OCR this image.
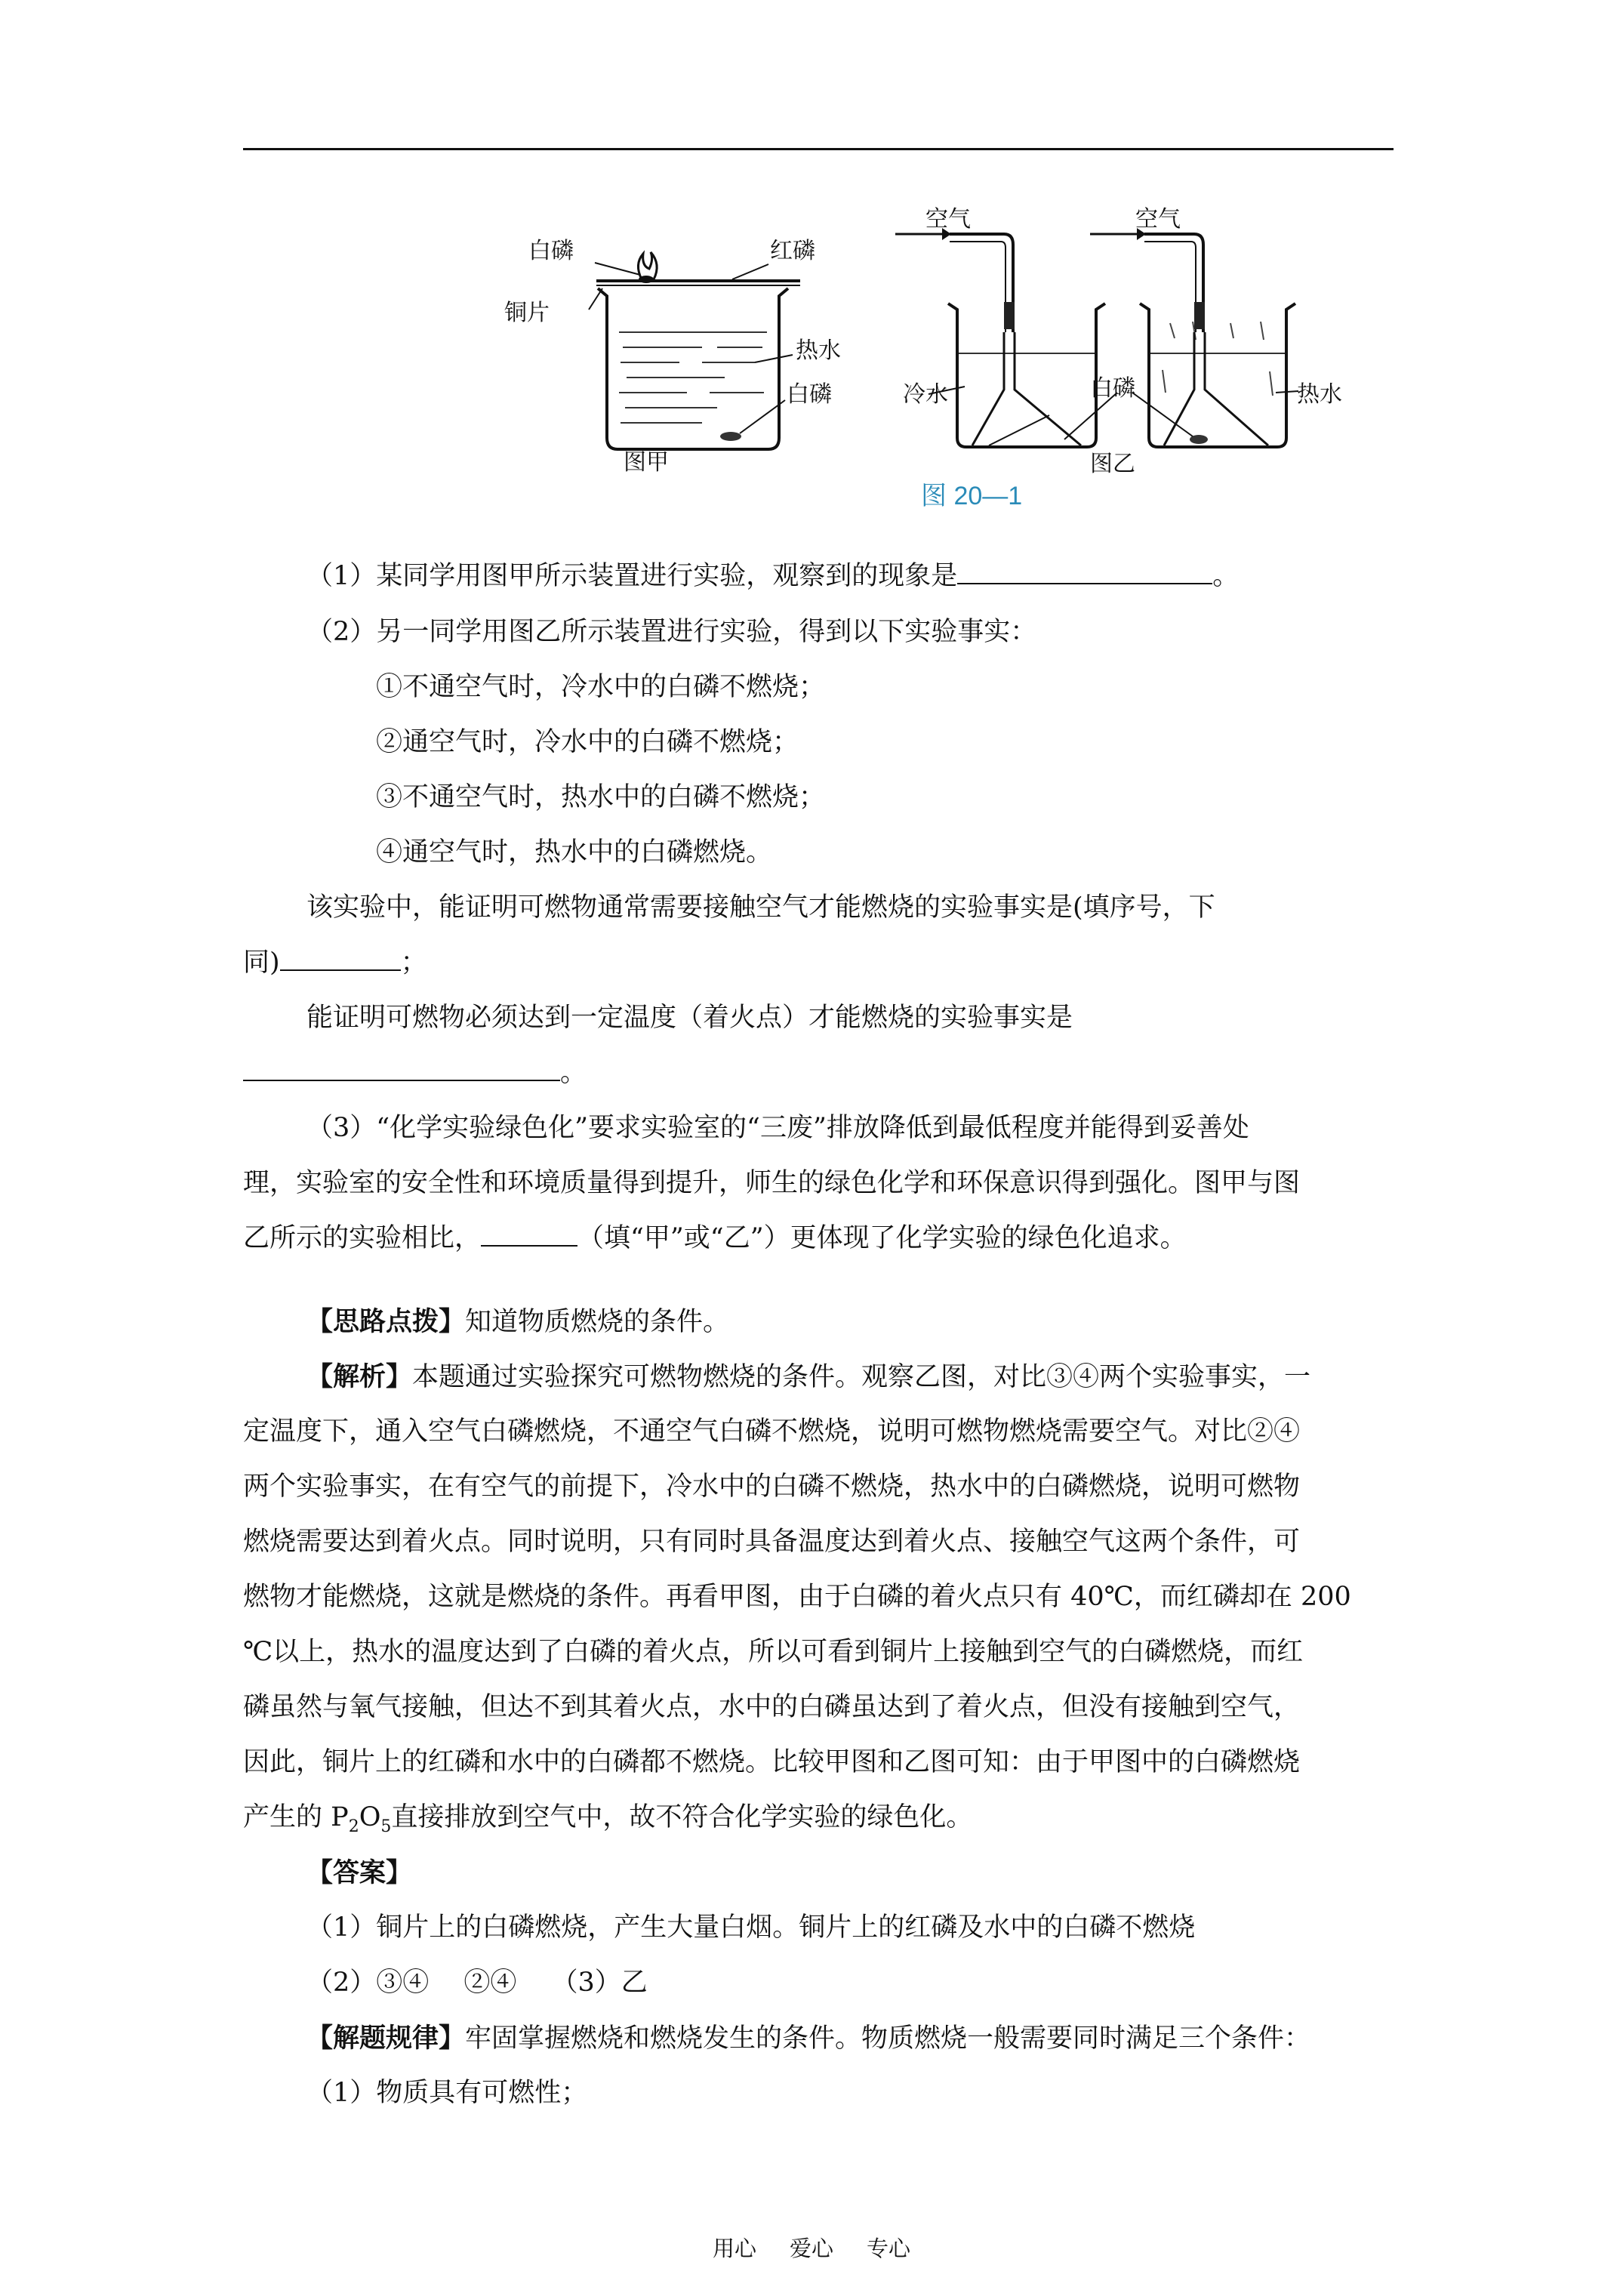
白磷	红磷
铜片
热水
白磷
图甲
空气	空气
冷水	白磷	热水
图乙
图 20—1
（1）某同学用图甲所示装置进行实验，观察到的现象是	。
（2）另一同学用图乙所示装置进行实验，得到以下实验事实：
①不通空气时，冷水中的白磷不燃烧；
②通空气时，冷水中的白磷不燃烧；
③不通空气时，热水中的白磷不燃烧；
④通空气时，热水中的白磷燃烧。
该实验中，能证明可燃物通常需要接触空气才能燃烧的实验事实是(填序号，下
同)	；
能证明可燃物必须达到一定温度（着火点）才能燃烧的实验事实是
。
（3）“化学实验绿色化”要求实验室的“三废”排放降低到最低程度并能得到妥善处
理，实验室的安全性和环境质量得到提升，师生的绿色化学和环保意识得到强化。图甲与图
乙所示的实验相比，	（填“甲”或“乙”）更体现了化学实验的绿色化追求。
【思路点拨】知道物质燃烧的条件。
【解析】本题通过实验探究可燃物燃烧的条件。观察乙图，对比③④两个实验事实，一
定温度下，通入空气白磷燃烧，不通空气白磷不燃烧，说明可燃物燃烧需要空气。对比②④
两个实验事实，在有空气的前提下，冷水中的白磷不燃烧，热水中的白磷燃烧，说明可燃物
燃烧需要达到着火点。同时说明，只有同时具备温度达到着火点、接触空气这两个条件，可
燃物才能燃烧，这就是燃烧的条件。再看甲图，由于白磷的着火点只有 40℃，而红磷却在 200
℃以上，热水的温度达到了白磷的着火点，所以可看到铜片上接触到空气的白磷燃烧，而红
磷虽然与氧气接触，但达不到其着火点，水中的白磷虽达到了着火点，但没有接触到空气，
因此，铜片上的红磷和水中的白磷都不燃烧。比较甲图和乙图可知：由于甲图中的白磷燃烧
产生的 $P_2O_5$直接排放到空气中，故不符合化学实验的绿色化。
【答案】
（1）铜片上的白磷燃烧，产生大量白烟。铜片上的红磷及水中的白磷不燃烧
（2）③④　 ②④　 （3）乙
【解题规律】牢固掌握燃烧和燃烧发生的条件。物质燃烧一般需要同时满足三个条件：
（1）物质具有可燃性；
用心 爱心 专心
